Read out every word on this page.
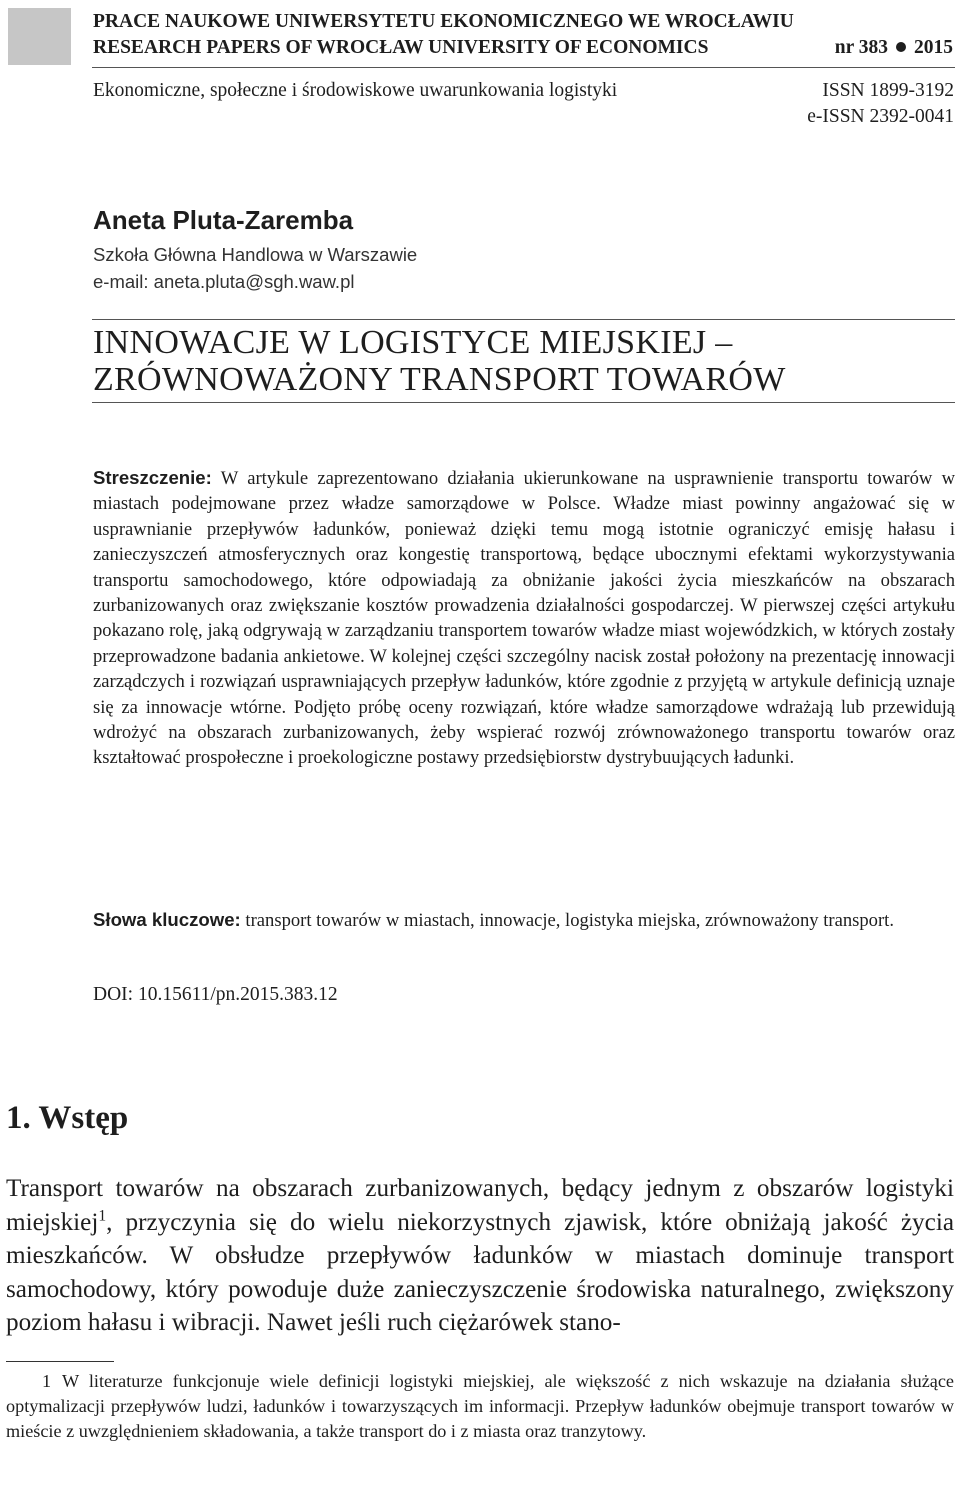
PRACE NAUKOWE UNIWERSYTETU EKONOMICZNEGO WE WROCŁAWIU
RESEARCH PAPERS OF WROCŁAW UNIVERSITY OF ECONOMICS	nr 383 2015
Ekonomiczne, społeczne i środowiskowe uwarunkowania logistyki	ISSN 1899-3192
e-ISSN 2392-0041
Aneta Pluta-Zaremba
Szkoła Główna Handlowa w Warszawie
e-mail: aneta.pluta@sgh.waw.pl
INNOWACJE W LOGISTYCE MIEJSKIEJ –
ZRÓWNOWAŻONY TRANSPORT TOWARÓW

Streszczenie: W artykule zaprezentowano działania ukierunkowane na usprawnienie transportu towarów w miastach podejmowane przez władze samorządowe w Polsce. Władze miast powinny angażować się w usprawnianie przepływów ładunków, ponieważ dzięki temu mogą istotnie ograniczyć emisję hałasu i zanieczyszczeń atmosferycznych oraz kongestię transportową, będące ubocznymi efektami wykorzystywania transportu samochodowego, które odpowiadają za obniżanie jakości życia mieszkańców na obszarach zurbanizowanych oraz zwiększanie kosztów prowadzenia działalności gospodarczej. W pierwszej części artykułu pokazano rolę, jaką odgrywają w zarządzaniu transportem towarów władze miast wojewódzkich, w których zostały przeprowadzone badania ankietowe. W kolejnej części szczególny nacisk został położony na prezentację innowacji zarządczych i rozwiązań usprawniających przepływ ładunków, które zgodnie z przyjętą w artykule definicją uznaje się za innowacje wtórne. Podjęto próbę oceny rozwiązań, które władze samorządowe wdrażają lub przewidują wdrożyć na obszarach zurbanizowanych, żeby wspierać rozwój zrównoważonego transportu towarów oraz kształtować prospołeczne i proekologiczne postawy przedsiębiorstw dystrybuujących ładunki.

Słowa kluczowe: transport towarów w miastach, innowacje, logistyka miejska, zrównoważony transport.

DOI: 10.15611/pn.2015.383.12
1. Wstęp

Transport towarów na obszarach zurbanizowanych, będący jednym z obszarów logistyki miejskiej$^1$, przyczynia się do wielu niekorzystnych zjawisk, które obniżają jakość życia mieszkańców. W obsłudze przepływów ładunków w miastach dominuje transport samochodowy, który powoduje duże zanieczyszczenie środowiska naturalnego, zwiększony poziom hałasu i wibracji. Nawet jeśli ruch ciężarówek stano-

1 W literaturze funkcjonuje wiele definicji logistyki miejskiej, ale większość z nich wskazuje na działania służące optymalizacji przepływów ludzi, ładunków i towarzyszących im informacji. Przepływ ładunków obejmuje transport towarów w mieście z uwzględnieniem składowania, a także transport do i z miasta oraz tranzytowy.
